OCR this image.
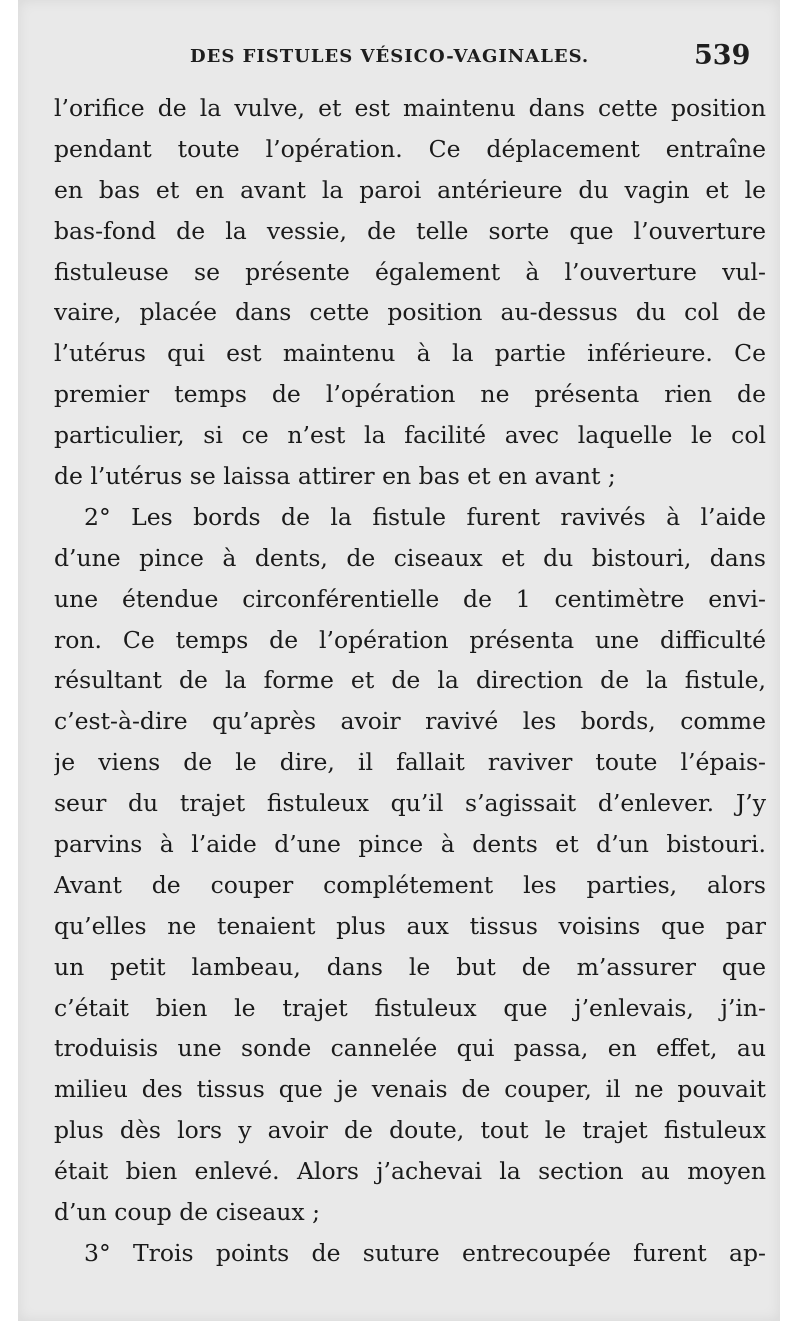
DES FISTULES VÉSICO-VAGINALES.	539
l’orifice de la vulve, et est maintenu dans cette position
pendant toute l’opération. Ce déplacement entraîne
en bas et en avant la paroi antérieure du vagin et le
bas-fond de la vessie, de telle sorte que l’ouverture
fistuleuse se présente également à l’ouverture vul-
vaire, placée dans cette position au-dessus du col de
l’utérus qui est maintenu à la partie inférieure. Ce
premier temps de l’opération ne présenta rien de
particulier, si ce n’est la facilité avec laquelle le col
de l’utérus se laissa attirer en bas et en avant ;
2° Les bords de la fistule furent ravivés à l’aide
d’une pince à dents, de ciseaux et du bistouri, dans
une étendue circonférentielle de 1 centimètre envi-
ron. Ce temps de l’opération présenta une difficulté
résultant de la forme et de la direction de la fistule,
c’est-à-dire qu’après avoir ravivé les bords, comme
je viens de le dire, il fallait raviver toute l’épais-
seur du trajet fistuleux qu’il s’agissait d’enlever. J’y
parvins à l’aide d’une pince à dents et d’un bistouri.
Avant de couper complétement les parties, alors
qu’elles ne tenaient plus aux tissus voisins que par
un petit lambeau, dans le but de m’assurer que
c’était bien le trajet fistuleux que j’enlevais, j’in-
troduisis une sonde cannelée qui passa, en effet, au
milieu des tissus que je venais de couper, il ne pouvait
plus dès lors y avoir de doute, tout le trajet fistuleux
était bien enlevé. Alors j’achevai la section au moyen
d’un coup de ciseaux ;
3° Trois points de suture entrecoupée furent ap-
